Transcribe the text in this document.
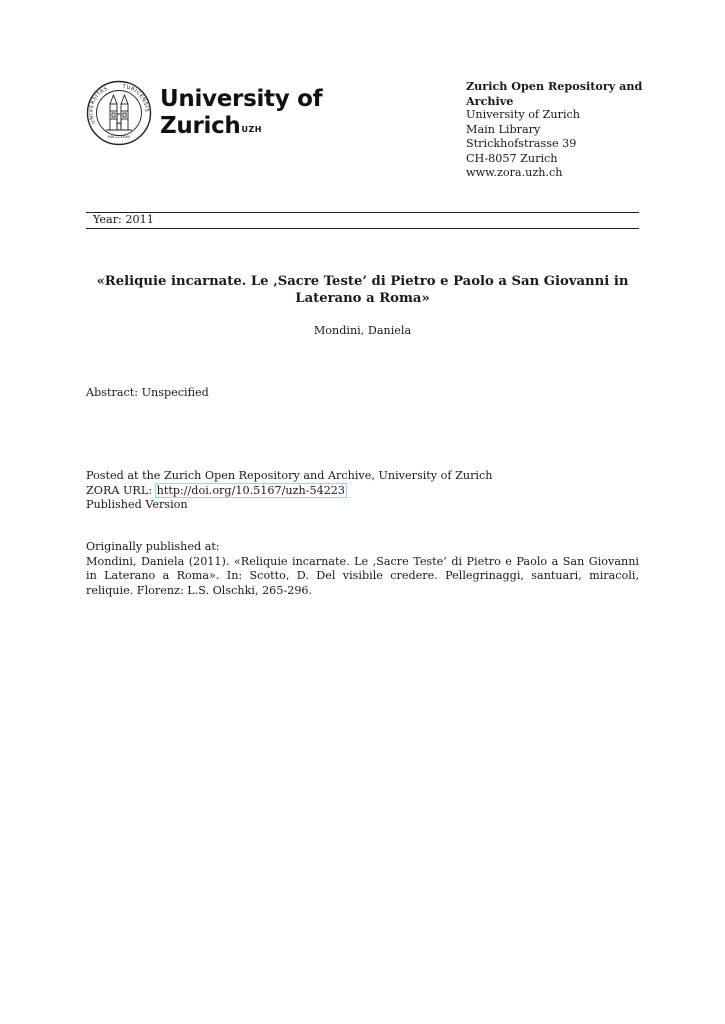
UNIVERSITAS	TURICENSIS
MDCCCXXXIII
University of
Zurich$^{UZH}$
Zurich Open Repository and Archive
University of Zurich
Main Library
Strickhofstrasse 39
CH-8057 Zurich
www.zora.uzh.ch
Year: 2011
«Reliquie incarnate. Le ‚Sacre Teste’ di Pietro e Paolo a San Giovanni in Laterano a Roma»
Mondini, Daniela
Abstract: Unspecified
Posted at the Zurich Open Repository and Archive, University of Zurich
ZORA URL: http://doi.org/10.5167/uzh-54223
Published Version
Originally published at:
Mondini, Daniela (2011). «Reliquie incarnate. Le ‚Sacre Teste’ di Pietro e Paolo a San Giovanni in Laterano a Roma». In: Scotto, D. Del visibile credere. Pellegrinaggi, santuari, miracoli, reliquie. Florenz: L.S. Olschki, 265-296.
